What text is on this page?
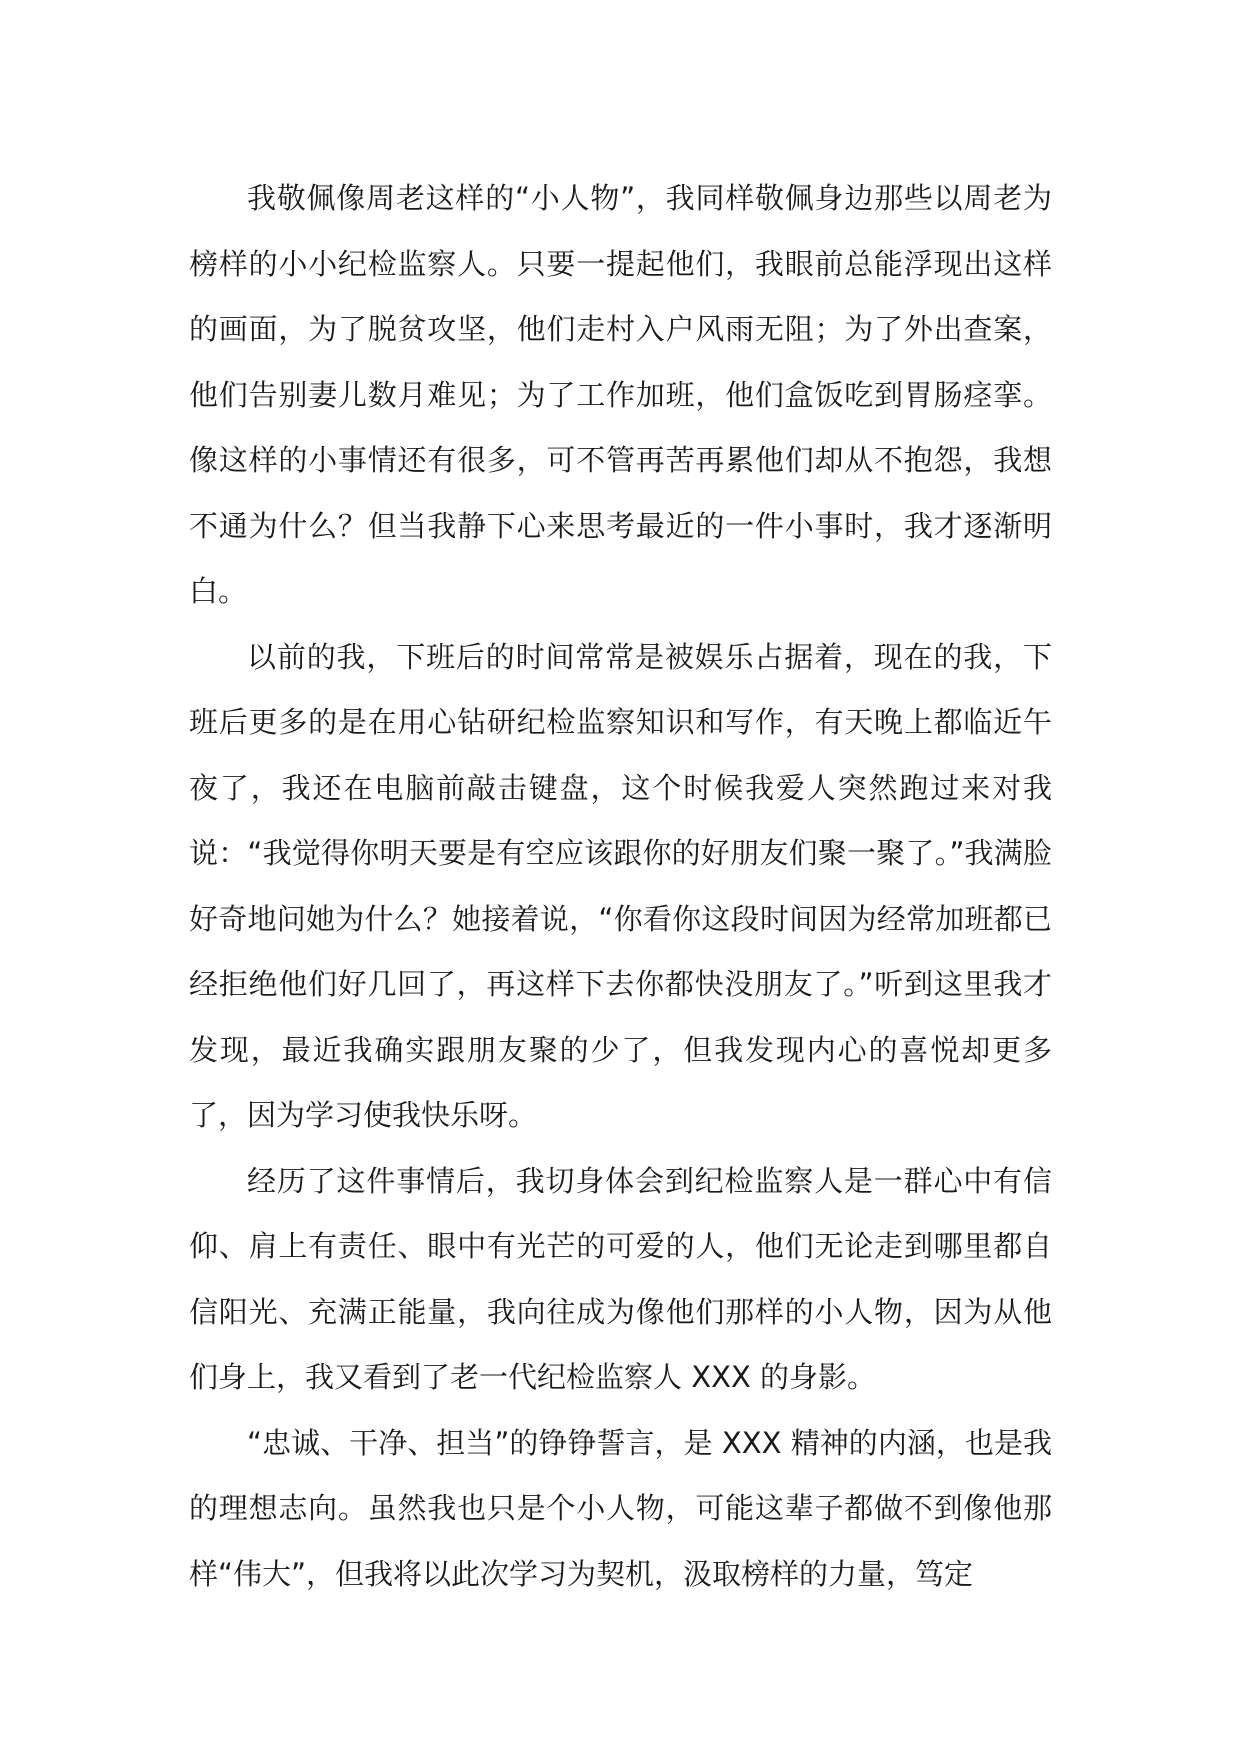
我敬佩像周老这样的“小人物”，我同样敬佩身边那些以周老为榜样的小小纪检监察人。只要一提起他们，我眼前总能浮现出这样的画面，为了脱贫攻坚，他们走村入户风雨无阻；为了外出查案，他们告别妻儿数月难见；为了工作加班，他们盒饭吃到胃肠痉挛。像这样的小事情还有很多，可不管再苦再累他们却从不抱怨，我想不通为什么？但当我静下心来思考最近的一件小事时，我才逐渐明白。

以前的我，下班后的时间常常是被娱乐占据着，现在的我，下班后更多的是在用心钻研纪检监察知识和写作，有天晚上都临近午夜了，我还在电脑前敲击键盘，这个时候我爱人突然跑过来对我说：“我觉得你明天要是有空应该跟你的好朋友们聚一聚了。”我满脸好奇地问她为什么？她接着说，“你看你这段时间因为经常加班都已经拒绝他们好几回了，再这样下去你都快没朋友了。”听到这里我才发现，最近我确实跟朋友聚的少了，但我发现内心的喜悦却更多了，因为学习使我快乐呀。

经历了这件事情后，我切身体会到纪检监察人是一群心中有信仰、肩上有责任、眼中有光芒的可爱的人，他们无论走到哪里都自信阳光、充满正能量，我向往成为像他们那样的小人物，因为从他们身上，我又看到了老一代纪检监察人 XXX 的身影。

“忠诚、干净、担当”的铮铮誓言，是 XXX 精神的内涵，也是我的理想志向。虽然我也只是个小人物，可能这辈子都做不到像他那样“伟大”，但我将以此次学习为契机，汲取榜样的力量，笃定
